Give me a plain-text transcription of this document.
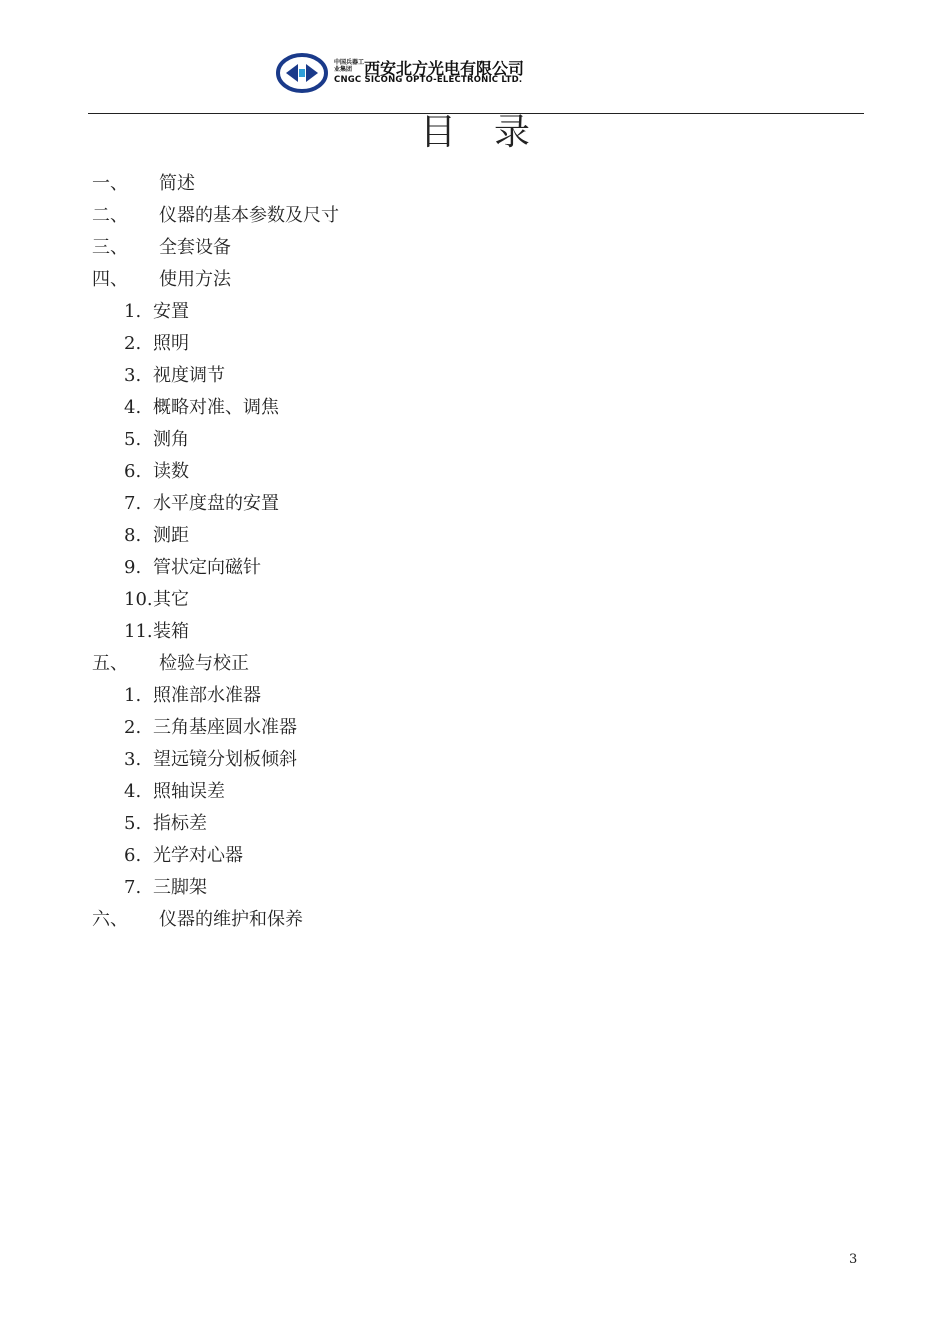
中国兵器工业集团 西安北方光电有限公司
CNGC SICONG OPTO-ELECTRONIC LTD.
目录
一、 简述
二、 仪器的基本参数及尺寸
三、 全套设备
四、 使用方法
1. 安置
2. 照明
3. 视度调节
4. 概略对准、调焦
5. 测角
6. 读数
7. 水平度盘的安置
8. 测距
9. 管状定向磁针
10. 其它
11. 装箱
五、 检验与校正
1. 照准部水准器
2. 三角基座圆水准器
3. 望远镜分划板倾斜
4. 照轴误差
5. 指标差
6. 光学对心器
7. 三脚架
六、 仪器的维护和保养
3
